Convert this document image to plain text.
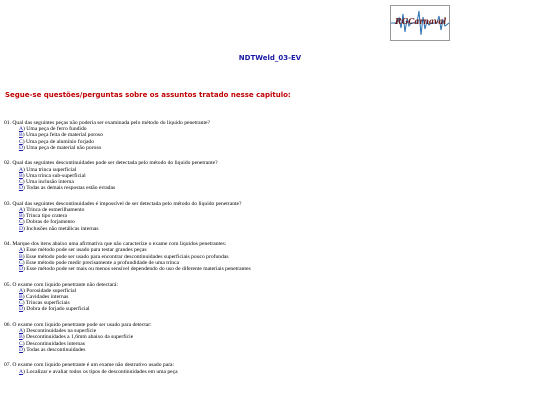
RGCarnaval
NDTWeld_03-EV
Segue-se questões/perguntas sobre os assuntos tratado nesse capitulo:
01. Qual das seguintes peças não poderia ser examinada pelo método do liquido penetrante?
A) Uma peça de ferro fundido
B) Uma peça feita de material poroso
C) Uma peça de alumínio forjado
D) Uma peça de material não poroso
02. Qual das seguintes descontinuidades pode ser detectada pelo método do liquido penetrante?
A) Uma trinca superficial
B) Uma trinca sub-superficial
C) Uma inclusão interna
D) Todas as demais respostas estão erradas
03. Qual das seguintes descontinuidades é impossível de ser detectada pelo método do liquido penetrante?
A) Trinca de esmerilhamento
B) Trinca tipo cratera
C) Dobras de forjamento
D) Inclusões não metálicas internas
04. Marque dos itens abaixo uma afirmativa que não caracterize o exame com liquidos penetrantes:
A) Esse método pode ser usado para testar grandes peças
B) Esse método pode ser usado para encontrar descontinuidades superficiais pouco profundas
C) Esse método pode medir precisamente a profundidade de uma trinca
D) Esse método pode ser mais ou menos sensível dependendo do uso de diferente materiais penetrantes
05. O exame com liquido penetrante não detectará:
A) Porosidade superficial
B) Cavidades internas
C) Trincas superficiais
D) Dobra de forjado superficial
06. O exame com liquido penetrante pode ser usado para detectar:
A) Descontinuidades na superfície
B) Descontinuidades a 1,6mm abaixo da superfície
C) Descontinuidades internas
D) Todas as descontinuidades
07. O exame com liquido penetrante é um exame não destrutivo usado para:
A) Localizar e avaliar todos os tipos de descontinuidades em uma peça
